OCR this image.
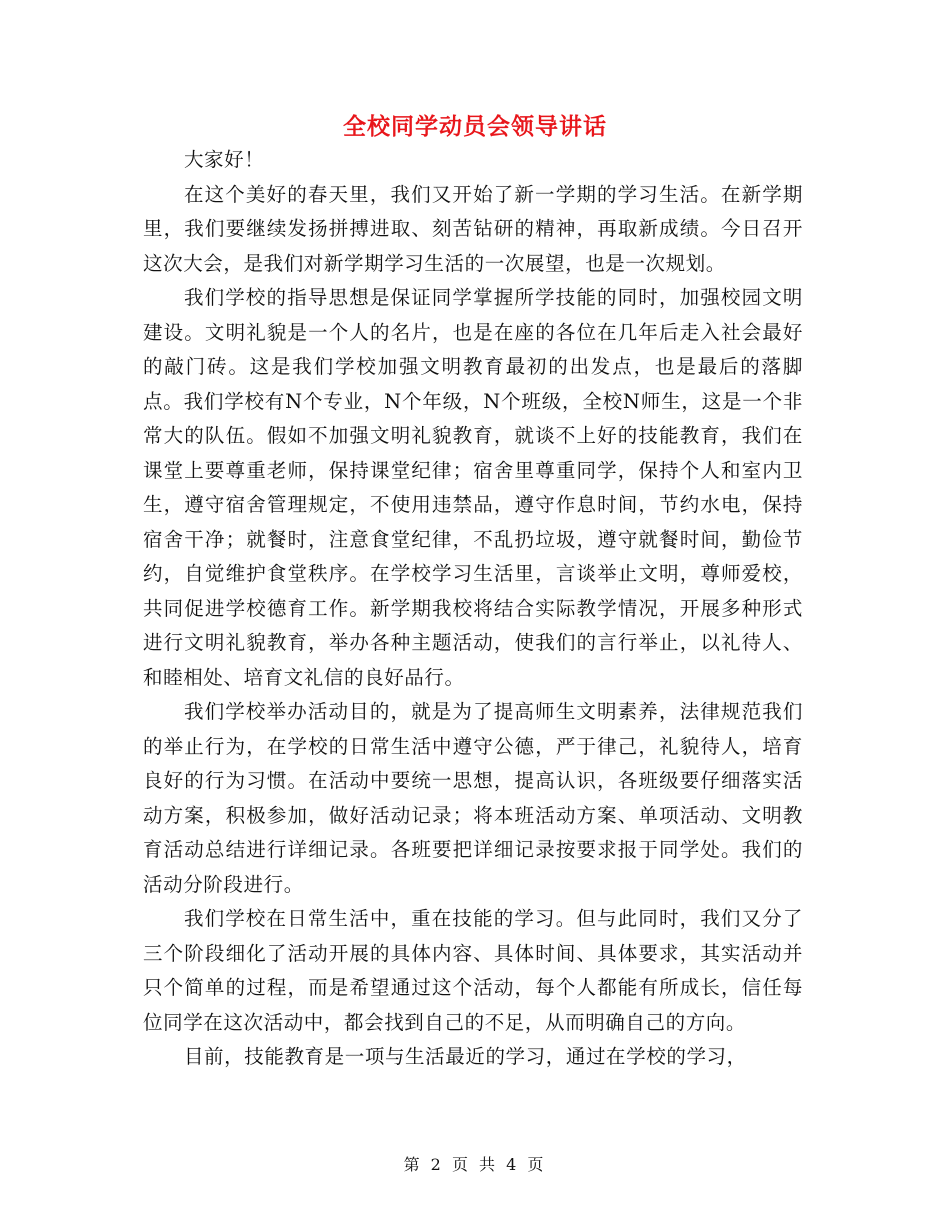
全校同学动员会领导讲话

大家好！

在这个美好的春天里，我们又开始了新一学期的学习生活。在新学期里，我们要继续发扬拼搏进取、刻苦钻研的精神，再取新成绩。今日召开这次大会，是我们对新学期学习生活的一次展望，也是一次规划。

我们学校的指导思想是保证同学掌握所学技能的同时，加强校园文明建设。文明礼貌是一个人的名片，也是在座的各位在几年后走入社会最好的敲门砖。这是我们学校加强文明教育最初的出发点，也是最后的落脚点。我们学校有N个专业，N个年级，N个班级，全校N师生，这是一个非常大的队伍。假如不加强文明礼貌教育，就谈不上好的技能教育，我们在课堂上要尊重老师，保持课堂纪律；宿舍里尊重同学，保持个人和室内卫生，遵守宿舍管理规定，不使用违禁品，遵守作息时间，节约水电，保持宿舍干净；就餐时，注意食堂纪律，不乱扔垃圾，遵守就餐时间，勤俭节约，自觉维护食堂秩序。在学校学习生活里，言谈举止文明，尊师爱校，共同促进学校德育工作。新学期我校将结合实际教学情况，开展多种形式进行文明礼貌教育，举办各种主题活动，使我们的言行举止，以礼待人、和睦相处、培育文礼信的良好品行。

我们学校举办活动目的，就是为了提高师生文明素养，法律规范我们的举止行为，在学校的日常生活中遵守公德，严于律己，礼貌待人，培育良好的行为习惯。在活动中要统一思想，提高认识，各班级要仔细落实活动方案，积极参加，做好活动记录；将本班活动方案、单项活动、文明教育活动总结进行详细记录。各班要把详细记录按要求报于同学处。我们的活动分阶段进行。

我们学校在日常生活中，重在技能的学习。但与此同时，我们又分了三个阶段细化了活动开展的具体内容、具体时间、具体要求，其实活动并只个简单的过程，而是希望通过这个活动，每个人都能有所成长，信任每位同学在这次活动中，都会找到自己的不足，从而明确自己的方向。

目前，技能教育是一项与生活最近的学习，通过在学校的学习，

第 2 页 共 4 页
